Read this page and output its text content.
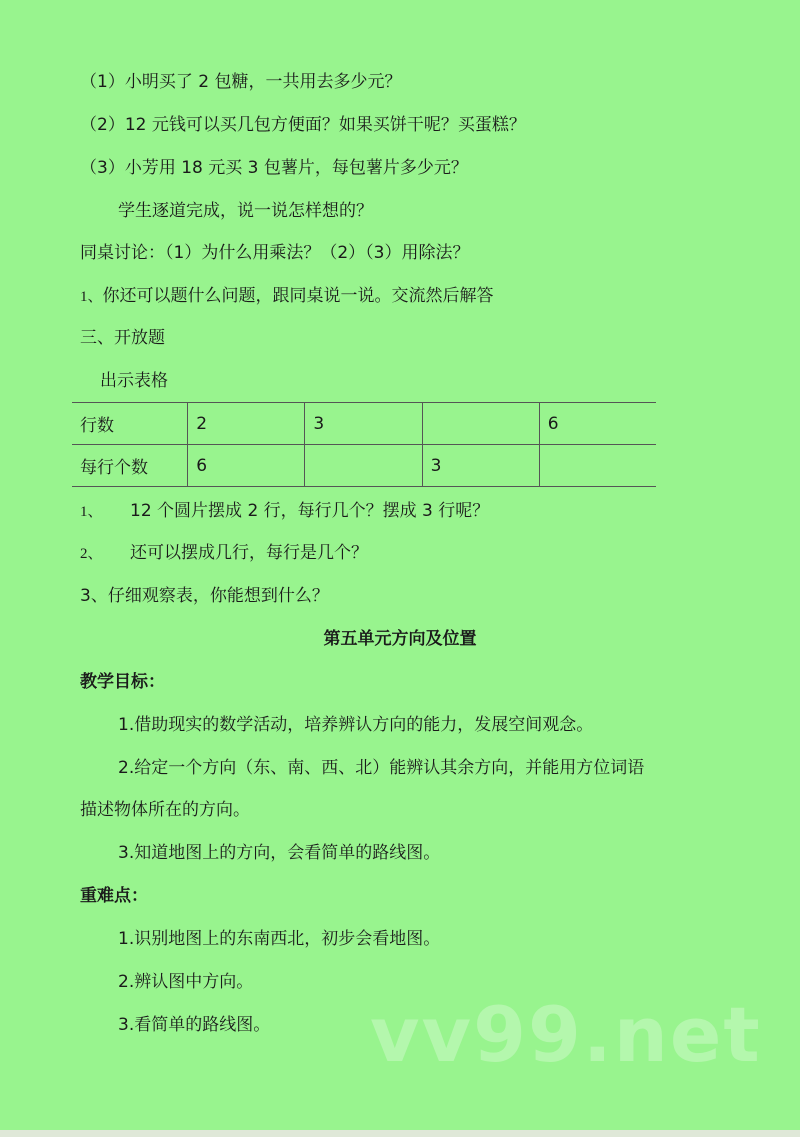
（1）小明买了 2 包糖，一共用去多少元？
（2）12 元钱可以买几包方便面？如果买饼干呢？买蛋糕？
（3）小芳用 18 元买 3 包薯片，每包薯片多少元？
学生逐道完成，说一说怎样想的？
同桌讨论：（1）为什么用乘法？（2）（3）用除法？
1、你还可以题什么问题，跟同桌说一说。交流然后解答
三、开放题
出示表格
行数	2	3		6
每行个数	6		3	
1、 12 个圆片摆成 2 行，每行几个？摆成 3 行呢？
2、 还可以摆成几行，每行是几个？
3、仔细观察表，你能想到什么？
第五单元方向及位置
教学目标：
1.借助现实的数学活动，培养辨认方向的能力，发展空间观念。
2.给定一个方向（东、南、西、北）能辨认其余方向，并能用方位词语
描述物体所在的方向。
3.知道地图上的方向，会看简单的路线图。
重难点：
1.识别地图上的东南西北，初步会看地图。
2.辨认图中方向。
3.看简单的路线图。 vv99.net
